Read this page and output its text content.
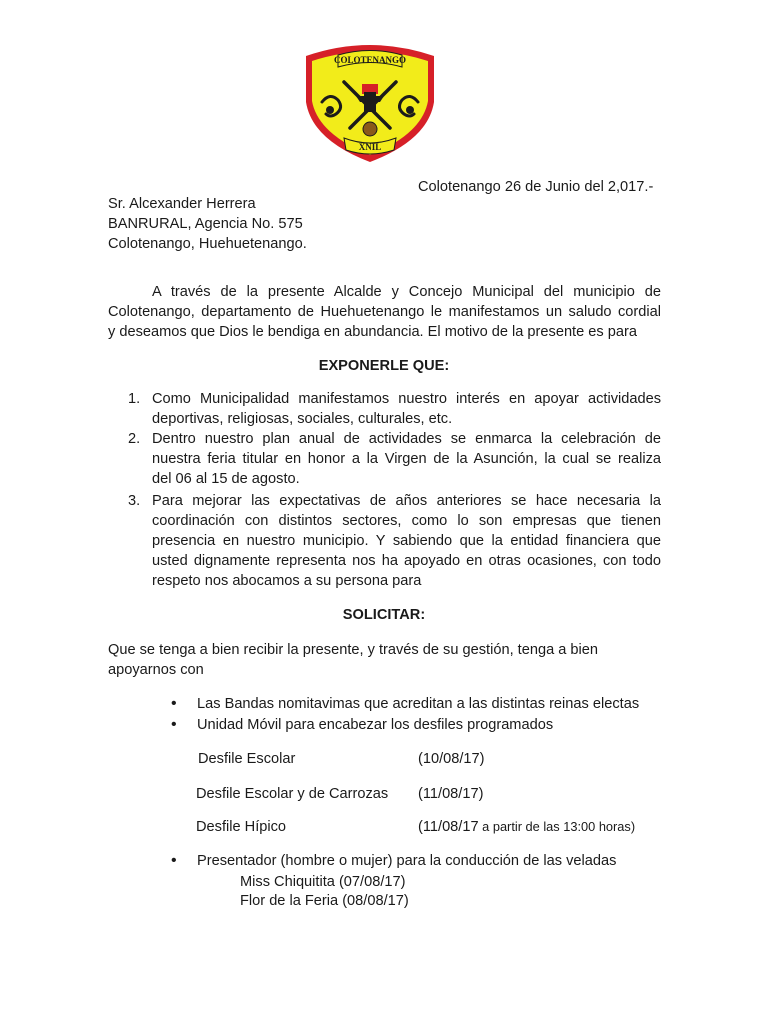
COLOTENANGO
XNIL
Colotenango 26 de Junio del 2,017.-
Sr. Alcexander Herrera
BANRURAL, Agencia No. 575
Colotenango, Huehuetenango.
A través de la presente Alcalde y Concejo Municipal del municipio de
Colotenango, departamento de Huehuetenango le manifestamos un saludo cordial
y deseamos que Dios le bendiga en abundancia. El motivo de la presente es para
EXPONERLE QUE:
1. Como Municipalidad manifestamos nuestro interés en apoyar actividades
deportivas, religiosas, sociales, culturales, etc.
2. Dentro nuestro plan anual de actividades se enmarca la celebración de
nuestra feria titular en honor a la Virgen de la Asunción, la cual se realiza
del 06 al 15 de agosto.
3. Para mejorar las expectativas de años anteriores se hace necesaria la
coordinación con distintos sectores, como lo son empresas que tienen
presencia en nuestro municipio. Y sabiendo que la entidad financiera que
usted dignamente representa nos ha apoyado en otras ocasiones, con todo
respeto nos abocamos a su persona para
SOLICITAR:
Que se tenga a bien recibir la presente, y través de su gestión, tenga a bien
apoyarnos con
• Las Bandas nomitavimas que acreditan a las distintas reinas electas
• Unidad Móvil para encabezar los desfiles programados
Desfile Escolar	(10/08/17)
Desfile Escolar y de Carrozas (11/08/17)
Desfile Hípico	(11/08/17 a partir de las 13:00 horas)
• Presentador (hombre o mujer) para la conducción de las veladas
Miss Chiquitita (07/08/17)
Flor de la Feria (08/08/17)
